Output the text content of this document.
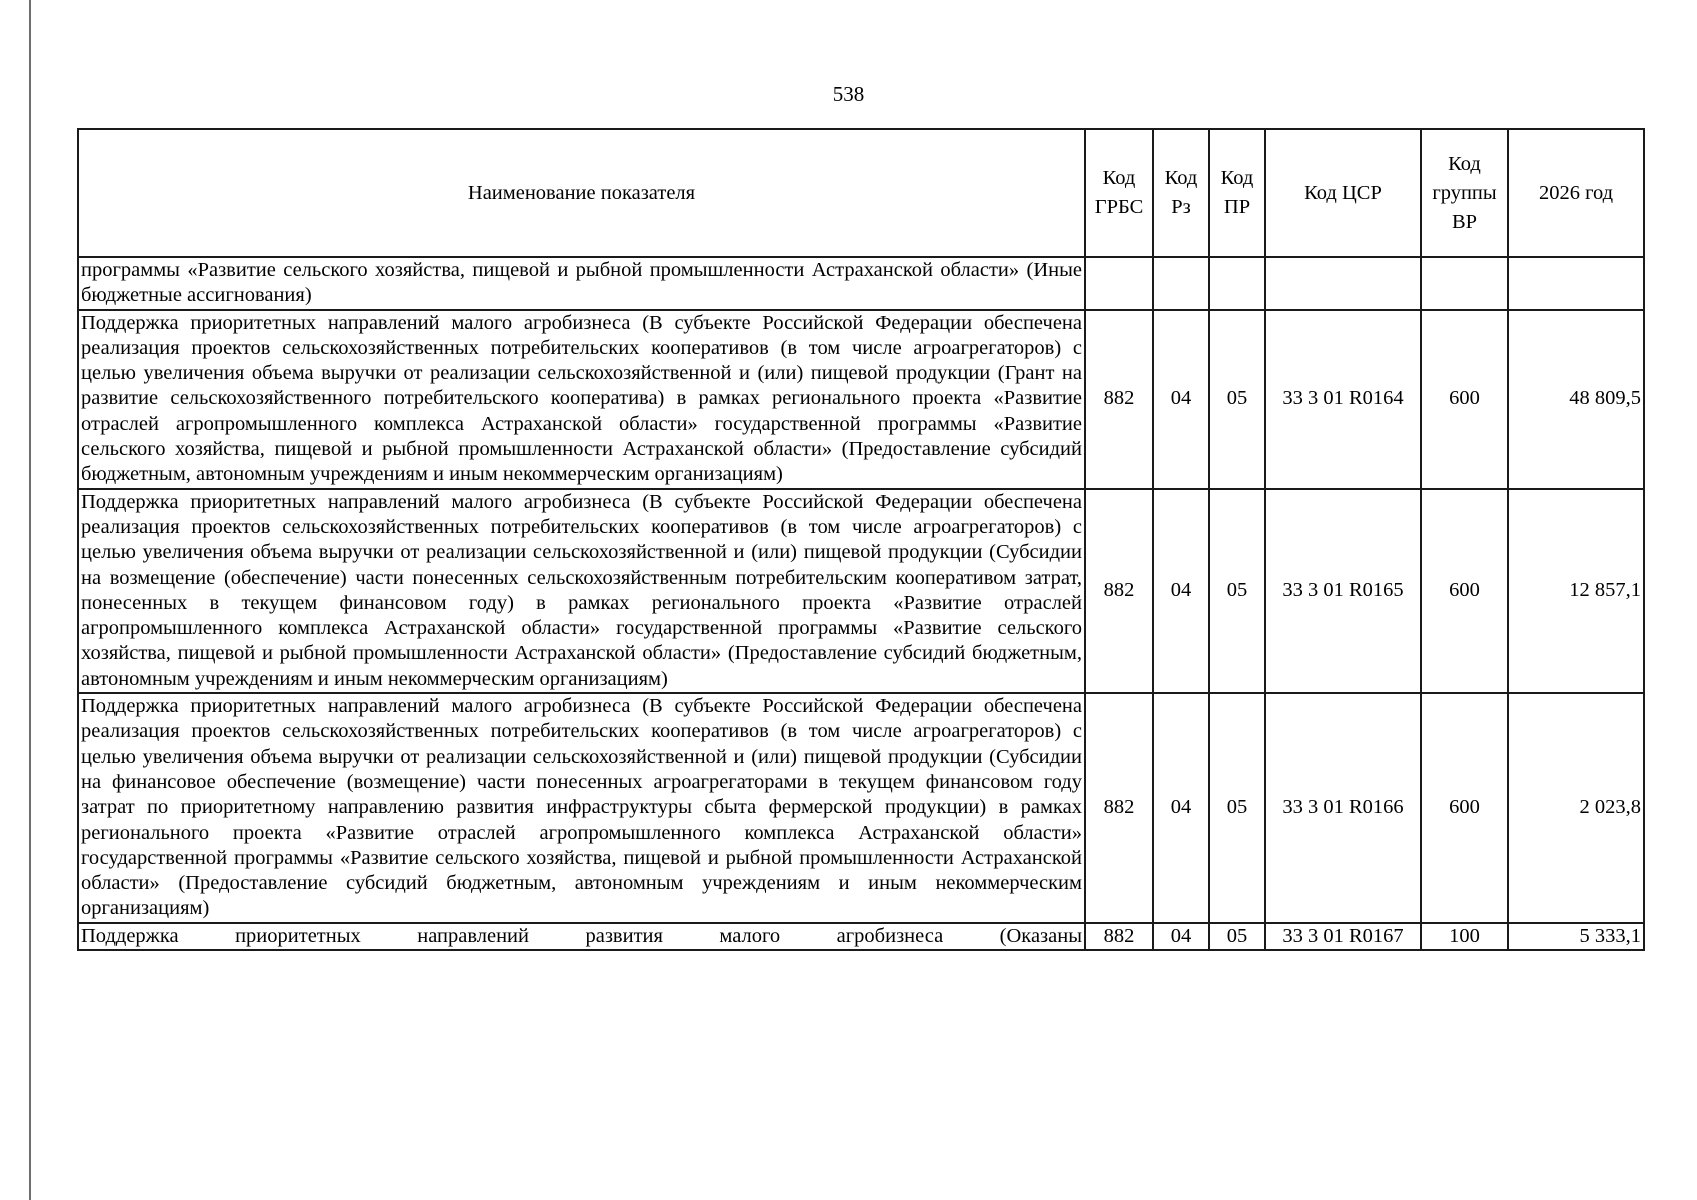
538
Наименование показателя	Код ГРБС	Код Рз	Код ПР	Код ЦСР	Код группы ВР	2026 год
программы «Развитие сельского хозяйства, пищевой и рыбной промышленности Астраханской области» (Иные бюджетные ассигнования)						
Поддержка приоритетных направлений малого агробизнеса (В субъекте Российской Федерации обеспечена реализация проектов сельскохозяйственных потребительских кооперативов (в том числе агроагрегаторов) с целью увеличения объема выручки от реализации сельскохозяйственной и (или) пищевой продукции (Грант на развитие сельскохозяйственного потребительского кооператива) в рамках регионального проекта «Развитие отраслей агропромышленного комплекса Астраханской области» государственной программы «Развитие сельского хозяйства, пищевой и рыбной промышленности Астраханской области» (Предоставление субсидий бюджетным, автономным учреждениям и иным некоммерческим организациям)	882	04	05	33 3 01 R0164	600	48 809,5
Поддержка приоритетных направлений малого агробизнеса (В субъекте Российской Федерации обеспечена реализация проектов сельскохозяйственных потребительских кооперативов (в том числе агроагрегаторов) с целью увеличения объема выручки от реализации сельскохозяйственной и (или) пищевой продукции (Субсидии на возмещение (обеспечение) части понесенных сельскохозяйственным потребительским кооперативом затрат, понесенных в текущем финансовом году) в рамках регионального проекта «Развитие отраслей агропромышленного комплекса Астраханской области» государственной программы «Развитие сельского хозяйства, пищевой и рыбной промышленности Астраханской области» (Предоставление субсидий бюджетным, автономным учреждениям и иным некоммерческим организациям)	882	04	05	33 3 01 R0165	600	12 857,1
Поддержка приоритетных направлений малого агробизнеса (В субъекте Российской Федерации обеспечена реализация проектов сельскохозяйственных потребительских кооперативов (в том числе агроагрегаторов) с целью увеличения объема выручки от реализации сельскохозяйственной и (или) пищевой продукции (Субсидии на финансовое обеспечение (возмещение) части понесенных агроагрегаторами в текущем финансовом году затрат по приоритетному направлению развития инфраструктуры сбыта фермерской продукции) в рамках регионального проекта «Развитие отраслей агропромышленного комплекса Астраханской области» государственной программы «Развитие сельского хозяйства, пищевой и рыбной промышленности Астраханской области» (Предоставление субсидий бюджетным, автономным учреждениям и иным некоммерческим организациям)	882	04	05	33 3 01 R0166	600	2 023,8
Поддержка приоритетных направлений развития малого агробизнеса (Оказаны	882	04	05	33 3 01 R0167	100	5 333,1
